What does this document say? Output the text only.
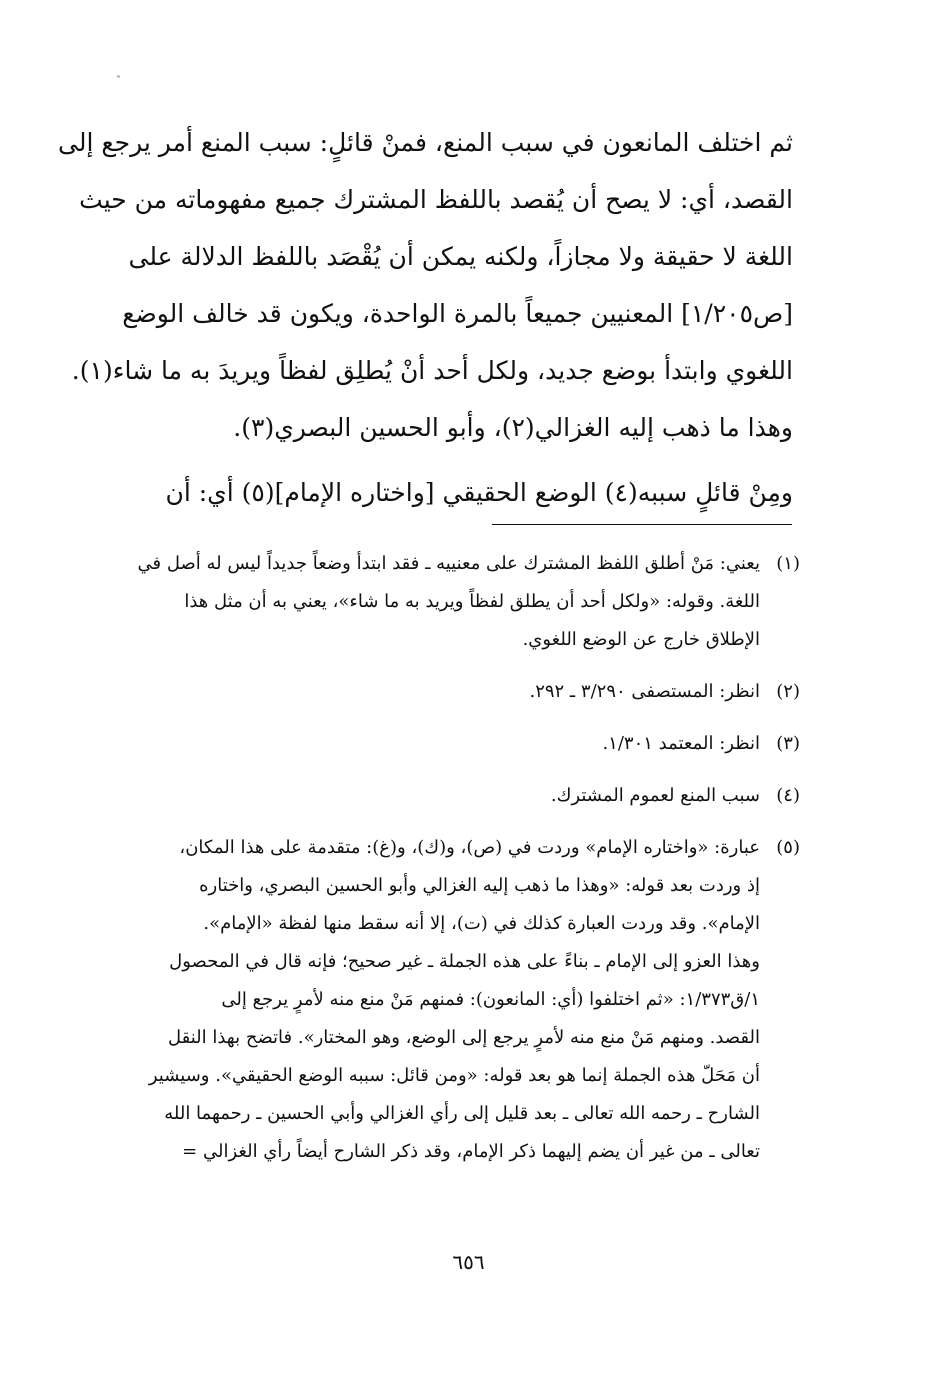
ثم اختلف المانعون في سبب المنع، فمنْ قائلٍ: سبب المنع أمر يرجع إلى
القصد، أي: لا يصح أن يُقصد باللفظ المشترك جميع مفهوماته من حيث
اللغة لا حقيقة ولا مجازاً، ولكنه يمكن أن يُقْصَد باللفظ الدلالة على
[ص١/٢٠٥] المعنيين جميعاً بالمرة الواحدة، ويكون قد خالف الوضع
اللغوي وابتدأ بوضع جديد، ولكل أحد أنْ يُطلِق لفظاً ويريدَ به ما شاء(١).
وهذا ما ذهب إليه الغزالي(٢)، وأبو الحسين البصري(٣).
ومِنْ قائلٍ سببه(٤) الوضع الحقيقي [واختاره الإمام](٥) أي: أن
(١)يعني: مَنْ أطلق اللفظ المشترك على معنييه ـ فقد ابتدأ وضعاً جديداً ليس له أصل في
اللغة. وقوله: «ولكل أحد أن يطلق لفظاً ويريد به ما شاء»، يعني به أن مثل هذا
الإطلاق خارج عن الوضع اللغوي.
(٢)انظر: المستصفى ٣/٢٩٠ ـ ٢٩٢.
(٣)انظر: المعتمد ١/٣٠١.
(٤)سبب المنع لعموم المشترك.
(٥)عبارة: «واختاره الإمام» وردت في (ص)، و(ك)، و(غ): متقدمة على هذا المكان،
إذ وردت بعد قوله: «وهذا ما ذهب إليه الغزالي وأبو الحسين البصري، واختاره
الإمام». وقد وردت العبارة كذلك في (ت)، إلا أنه سقط منها لفظة «الإمام».
وهذا العزو إلى الإمام ـ بناءً على هذه الجملة ـ غير صحيح؛ فإنه قال في المحصول
١/ق١/٣٧٣: «ثم اختلفوا (أي: المانعون): فمنهم مَنْ منع منه لأمرٍ يرجع إلى
القصد. ومنهم مَنْ منع منه لأمرٍ يرجع إلى الوضع، وهو المختار». فاتضح بهذا النقل
أن مَحَلّ هذه الجملة إنما هو بعد قوله: «ومن قائل: سببه الوضع الحقيقي». وسيشير
الشارح ـ رحمه الله تعالى ـ بعد قليل إلى رأي الغزالي وأبي الحسين ـ رحمهما الله
تعالى ـ من غير أن يضم إليهما ذكر الإمام، وقد ذكر الشارح أيضاً رأي الغزالي =
٦٥٦
